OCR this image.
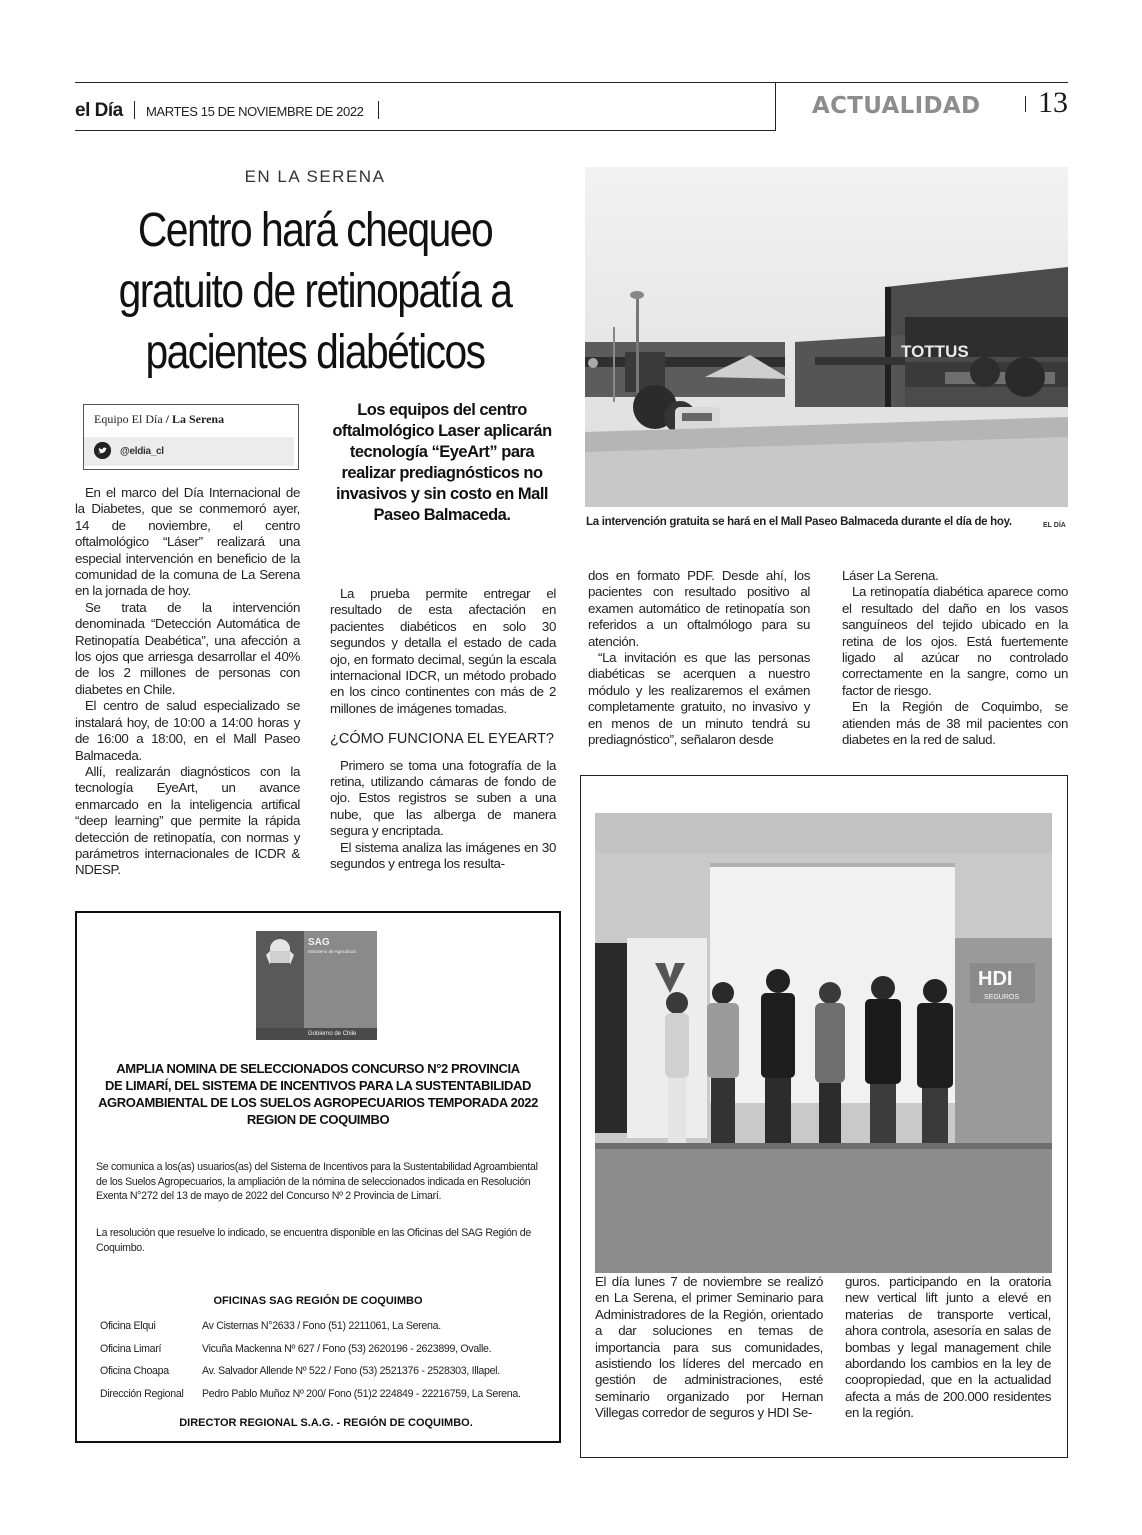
el Día MARTES 15 DE NOVIEMBRE DE 2022	ACTUALIDAD 13
EN LA SERENA
Centro hará chequeo
gratuito de retinopatía a
pacientes diabéticos
Equipo El Día / La Serena
@eldia_cl
Los equipos del centro oftalmológico Laser aplicarán tecnología “EyeArt” para realizar prediagnósticos no invasivos y sin costo en Mall Paseo Balmaceda.

En el marco del Día Internacional de la Diabetes, que se conmemoró ayer, 14 de noviembre, el centro oftalmológico “Láser” realizará una especial intervención en beneficio de la comunidad de la comuna de La Serena en la jornada de hoy.

Se trata de la intervención denominada “Detección Automática de Retinopatía Deabética”, una afección a los ojos que arriesga desarrollar el 40% de los 2 millones de personas con diabetes en Chile.

El centro de salud especializado se instalará hoy, de 10:00 a 14:00 horas y de 16:00 a 18:00, en el Mall Paseo Balmaceda.

Allí, realizarán diagnósticos con la tecnología EyeArt, un avance enmarcado en la inteligencia artifical “deep learning” que permite la rápida detección de retinopatía, con normas y parámetros internacionales de ICDR & NDESP.

La prueba permite entregar el resultado de esta afectación en pacientes diabéticos en solo 30 segundos y detalla el estado de cada ojo, en formato decimal, según la escala internacional IDCR, un método probado en los cinco continentes con más de 2 millones de imágenes tomadas.

¿CÓMO FUNCIONA EL EYEART?

Primero se toma una fotografía de la retina, utilizando cámaras de fondo de ojo. Estos registros se suben a una nube, que las alberga de manera segura y encriptada.

El sistema analiza las imágenes en 30 segundos y entrega los resulta-

TOTTUS
La intervención gratuita se hará en el Mall Paseo Balmaceda durante el día de hoy.	EL DÍA

dos en formato PDF. Desde ahí, los pacientes con resultado positivo al examen automático de retinopatía son referidos a un oftalmólogo para su atención.

“La invitación es que las personas diabéticas se acerquen a nuestro módulo y les realizaremos el exámen completamente gratuito, no invasivo y en menos de un minuto tendrá su prediagnóstico”, señalaron desde

Láser La Serena.

La retinopatía diabética aparece como el resultado del daño en los vasos sanguíneos del tejido ubicado en la retina de los ojos. Está fuertemente ligado al azúcar no controlado correctamente en la sangre, como un factor de riesgo.

En la Región de Coquimbo, se atienden más de 38 mil pacientes con diabetes en la red de salud.

HDI
SEGUROS

El día lunes 7 de noviembre se realizó en La Serena, el primer Seminario para Administradores de la Región, orientado a dar soluciones en temas de importancia para sus comunidades, asistiendo los líderes del mercado en gestión de administraciones, esté seminario organizado por Hernan Villegas corredor de seguros y HDI Se-

guros. participando en la oratoria new vertical lift junto a elevé en materias de transporte vertical, ahora controla, asesoría en salas de bombas y legal management chile abordando los cambios en la ley de coopropiedad, que en la actualidad afecta a más de 200.000 residentes en la región.

SAG
Ministerio de Agricultura
Gobierno de Chile
AMPLIA NOMINA DE SELECCIONADOS CONCURSO N°2 PROVINCIA
DE LIMARÍ, DEL SISTEMA DE INCENTIVOS PARA LA SUSTENTABILIDAD
AGROAMBIENTAL DE LOS SUELOS AGROPECUARIOS TEMPORADA 2022
REGION DE COQUIMBO
Se comunica a los(as) usuarios(as) del Sistema de Incentivos para la Sustentabilidad Agroambiental de los Suelos Agropecuarios, la ampliación de la nómina de seleccionados indicada en Resolución Exenta N°272 del 13 de mayo de 2022 del Concurso Nº 2 Provincia de Limarí.
La resolución que resuelve lo indicado, se encuentra disponible en las Oficinas del SAG Región de Coquimbo.
OFICINAS SAG REGIÓN DE COQUIMBO
Oficina Elqui	Av Cisternas N°2633 / Fono (51) 2211061, La Serena.
Oficina Limarí	Vicuña Mackenna Nº 627 / Fono (53) 2620196 - 2623899, Ovalle.
Oficina Choapa	Av. Salvador Allende Nº 522 / Fono (53) 2521376 - 2528303, Illapel.
Dirección Regional	Pedro Pablo Muñoz Nº 200/ Fono (51)2 224849 - 22216759, La Serena.
DIRECTOR REGIONAL S.A.G. - REGIÓN DE COQUIMBO.
